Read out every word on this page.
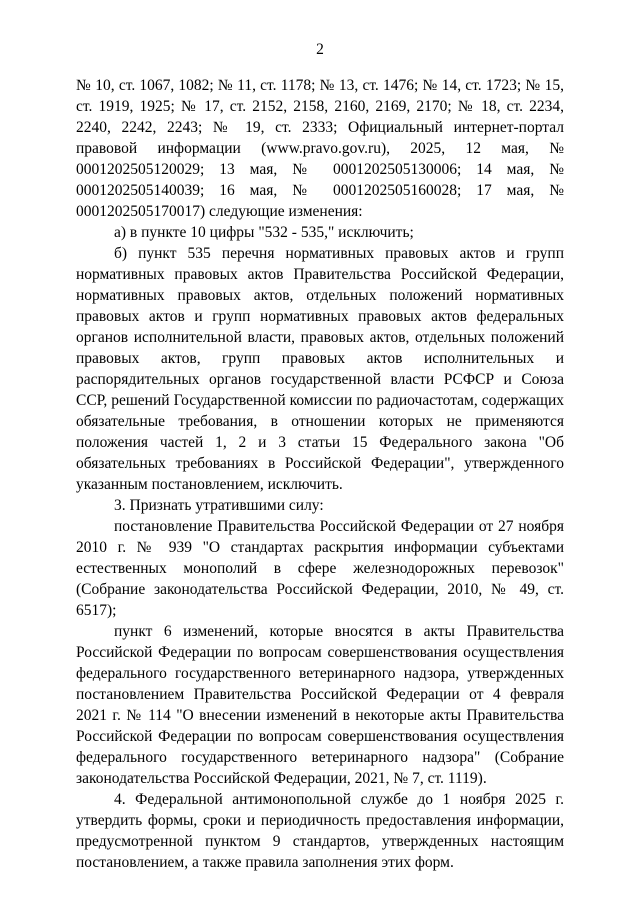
2

№ 10, ст. 1067, 1082; № 11, ст. 1178; № 13, ст. 1476; № 14, ст. 1723; № 15, ст. 1919, 1925; № 17, ст. 2152, 2158, 2160, 2169, 2170; № 18, ст. 2234, 2240, 2242, 2243; № 19, ст. 2333; Официальный интернет-портал правовой информации (www.pravo.gov.ru), 2025, 12 мая, № 0001202505120029; 13 мая, № 0001202505130006; 14 мая, № 0001202505140039; 16 мая, № 0001202505160028; 17 мая, № 0001202505170017) следующие изменения:

а) в пункте 10 цифры "532 - 535," исключить;

б) пункт 535 перечня нормативных правовых актов и групп нормативных правовых актов Правительства Российской Федерации, нормативных правовых актов, отдельных положений нормативных правовых актов и групп нормативных правовых актов федеральных органов исполнительной власти, правовых актов, отдельных положений правовых актов, групп правовых актов исполнительных и распорядительных органов государственной власти РСФСР и Союза ССР, решений Государственной комиссии по радиочастотам, содержащих обязательные требования, в отношении которых не применяются положения частей 1, 2 и 3 статьи 15 Федерального закона "Об обязательных требованиях в Российской Федерации", утвержденного указанным постановлением, исключить.

3. Признать утратившими силу:

постановление Правительства Российской Федерации от 27 ноября 2010 г. № 939 "О стандартах раскрытия информации субъектами естественных монополий в сфере железнодорожных перевозок" (Собрание законодательства Российской Федерации, 2010, № 49, ст. 6517);

пункт 6 изменений, которые вносятся в акты Правительства Российской Федерации по вопросам совершенствования осуществления федерального государственного ветеринарного надзора, утвержденных постановлением Правительства Российской Федерации от 4 февраля 2021 г. № 114 "О внесении изменений в некоторые акты Правительства Российской Федерации по вопросам совершенствования осуществления федерального государственного ветеринарного надзора" (Собрание законодательства Российской Федерации, 2021, № 7, ст. 1119).

4. Федеральной антимонопольной службе до 1 ноября 2025 г. утвердить формы, сроки и периодичность предоставления информации, предусмотренной пунктом 9 стандартов, утвержденных настоящим постановлением, а также правила заполнения этих форм.
